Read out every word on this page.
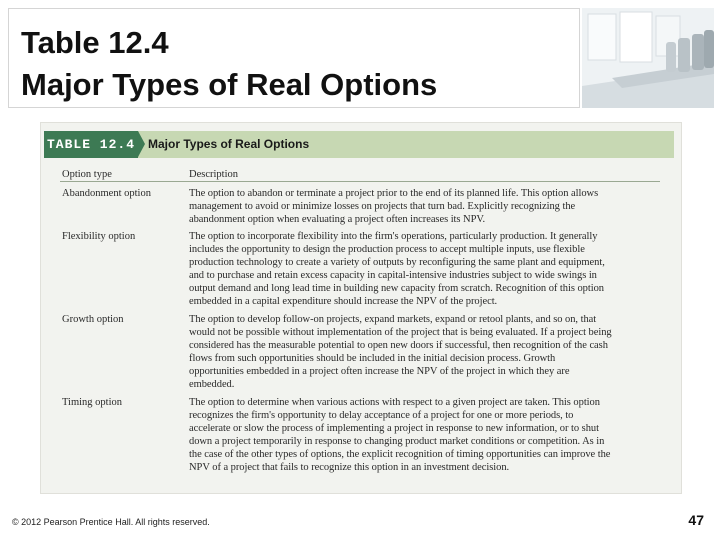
Table 12.4
Major Types of Real Options
TABLE 12.4 Major Types of Real Options

Option type	Description

Abandonment option	The option to abandon or terminate a project prior to the end of its planned life. This option allows

management to avoid or minimize losses on projects that turn bad. Explicitly recognizing the

abandonment option when evaluating a project often increases its NPV.

Flexibility option	The option to incorporate flexibility into the firm's operations, particularly production. It generally

includes the opportunity to design the production process to accept multiple inputs, use flexible

production technology to create a variety of outputs by reconfiguring the same plant and equipment,

and to purchase and retain excess capacity in capital-intensive industries subject to wide swings in

output demand and long lead time in building new capacity from scratch. Recognition of this option

embedded in a capital expenditure should increase the NPV of the project.

Growth option	The option to develop follow-on projects, expand markets, expand or retool plants, and so on, that

would not be possible without implementation of the project that is being evaluated. If a project being

considered has the measurable potential to open new doors if successful, then recognition of the cash

flows from such opportunities should be included in the initial decision process. Growth

opportunities embedded in a project often increase the NPV of the project in which they are

embedded.

Timing option	The option to determine when various actions with respect to a given project are taken. This option

recognizes the firm's opportunity to delay acceptance of a project for one or more periods, to

accelerate or slow the process of implementing a project in response to new information, or to shut

down a project temporarily in response to changing product market conditions or competition. As in

the case of the other types of options, the explicit recognition of timing opportunities can improve the

NPV of a project that fails to recognize this option in an investment decision.

© 2012 Pearson Prentice Hall. All rights reserved.	47
